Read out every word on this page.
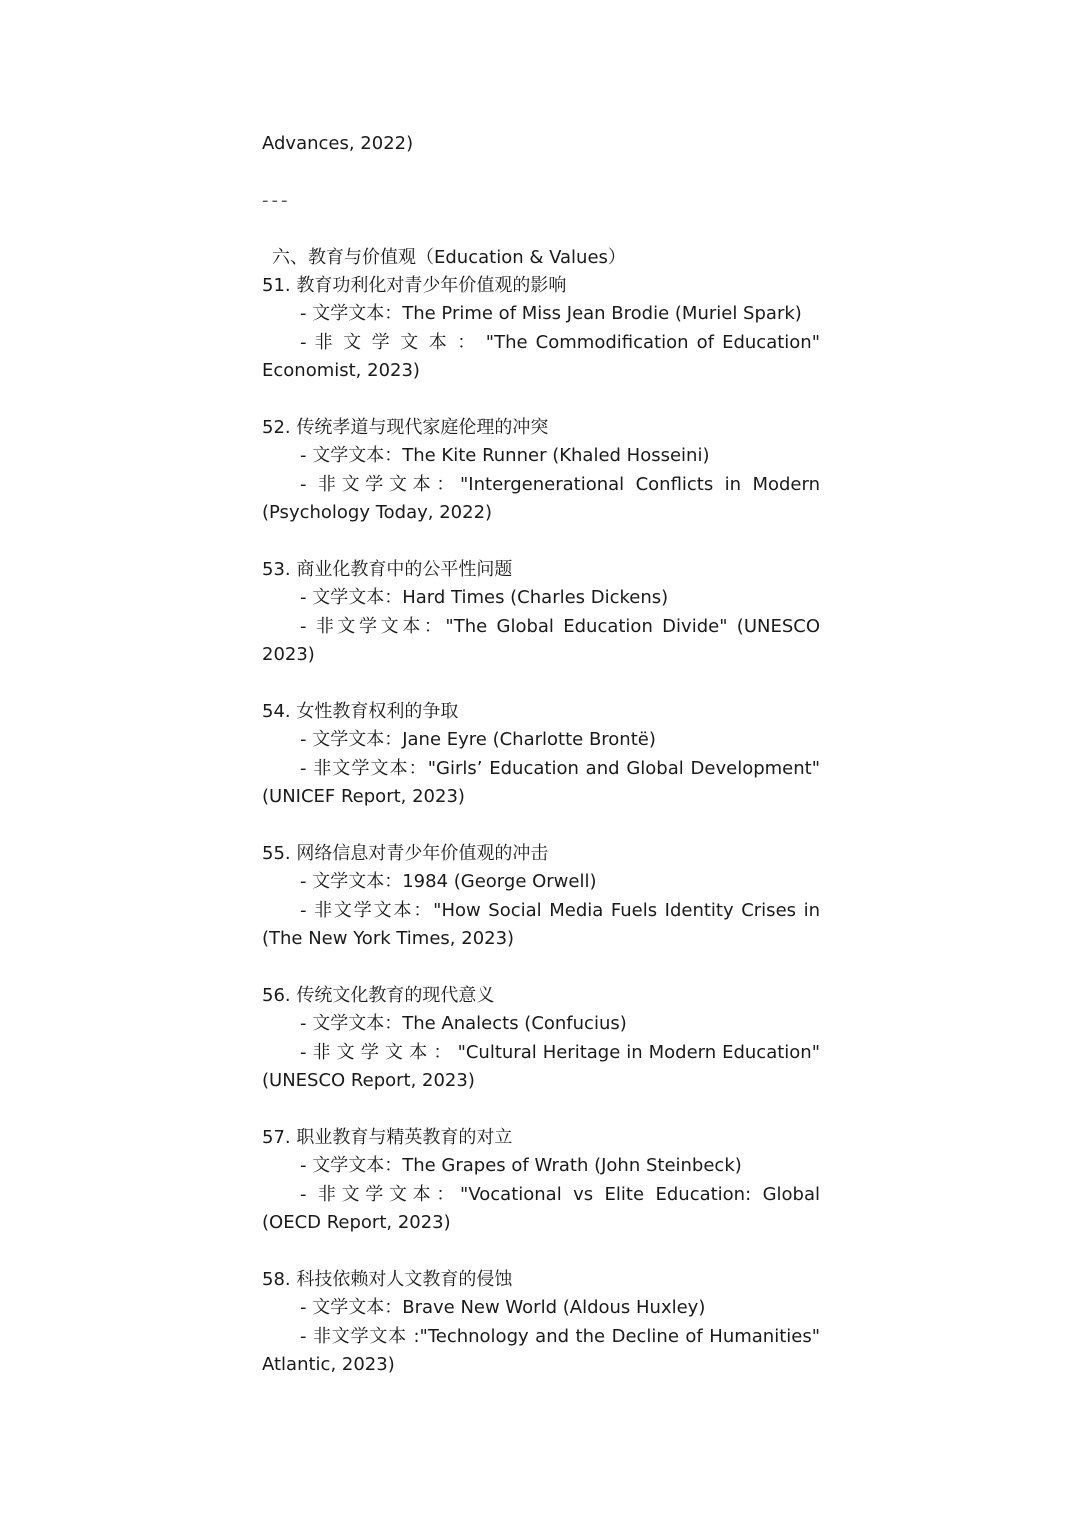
Advances, 2022)

---

六、教育与价值观（Education & Values）

51. 教育功利化对青少年价值观的影响

- 文学文本：The Prime of Miss Jean Brodie (Muriel Spark)

- 非 文 学 文 本 ： "The Commodification of Education"

Economist, 2023)

52. 传统孝道与现代家庭伦理的冲突

- 文学文本：The Kite Runner (Khaled Hosseini)

- 非文学文本："Intergenerational Conflicts in Modern

(Psychology Today, 2022)

53. 商业化教育中的公平性问题

- 文学文本：Hard Times (Charles Dickens)

- 非文学文本："The Global Education Divide" (UNESCO

2023)

54. 女性教育权利的争取

- 文学文本：Jane Eyre (Charlotte Brontë)

- 非文学文本："Girls’ Education and Global Development"

(UNICEF Report, 2023)

55. 网络信息对青少年价值观的冲击

- 文学文本：1984 (George Orwell)

- 非文学文本："How Social Media Fuels Identity Crises in

(The New York Times, 2023)

56. 传统文化教育的现代意义

- 文学文本：The Analects (Confucius)

- 非 文 学 文 本 ： "Cultural Heritage in Modern Education"

(UNESCO Report, 2023)

57. 职业教育与精英教育的对立

- 文学文本：The Grapes of Wrath (John Steinbeck)

- 非文学文本："Vocational vs Elite Education: Global

(OECD Report, 2023)

58. 科技依赖对人文教育的侵蚀

- 文学文本：Brave New World (Aldous Huxley)

- 非文学文本 :"Technology and the Decline of Humanities"

Atlantic, 2023)
